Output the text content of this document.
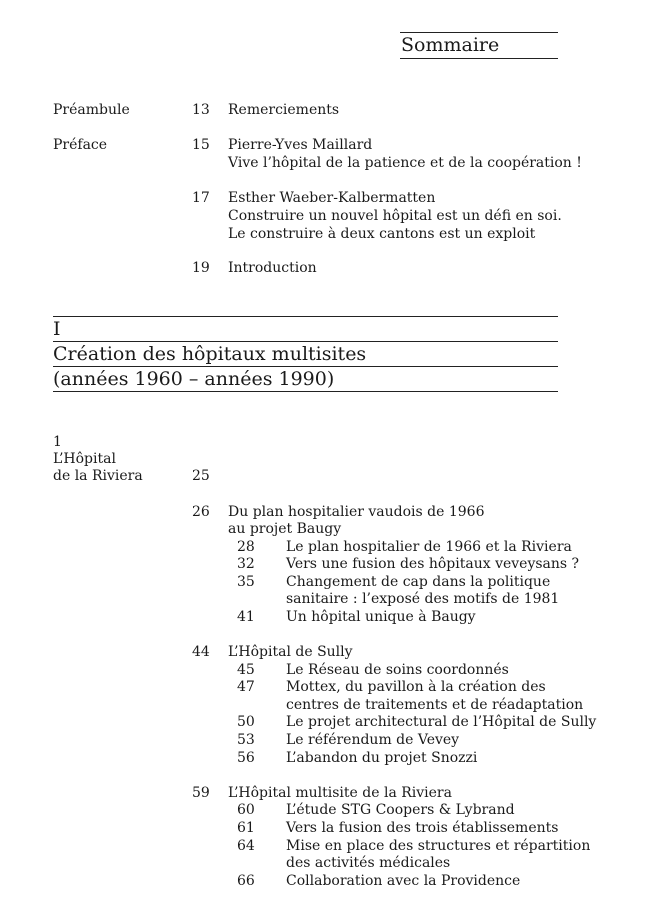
Sommaire
Préambule	13 Remerciements
Préface	15 Pierre-Yves Maillard
Vive l’hôpital de la patience et de la coopération !
17 Esther Waeber-Kalbermatten
Construire un nouvel hôpital est un défi en soi.
Le construire à deux cantons est un exploit
19 Introduction
I
Création des hôpitaux multisites
(années 1960 – années 1990)
1
L’Hôpital
de la Riviera	25
26 Du plan hospitalier vaudois de 1966
au projet Baugy
28 Le plan hospitalier de 1966 et la Riviera
32 Vers une fusion des hôpitaux veveysans ?
35 Changement de cap dans la politique
sanitaire : l’exposé des motifs de 1981
41 Un hôpital unique à Baugy
44 L’Hôpital de Sully
45 Le Réseau de soins coordonnés
47 Mottex, du pavillon à la création des
centres de traitements et de réadaptation
50 Le projet architectural de l’Hôpital de Sully
53 Le référendum de Vevey
56 L’abandon du projet Snozzi
59 L’Hôpital multisite de la Riviera
60 L’étude STG Coopers & Lybrand
61 Vers la fusion des trois établissements
64 Mise en place des structures et répartition
des activités médicales
66 Collaboration avec la Providence
